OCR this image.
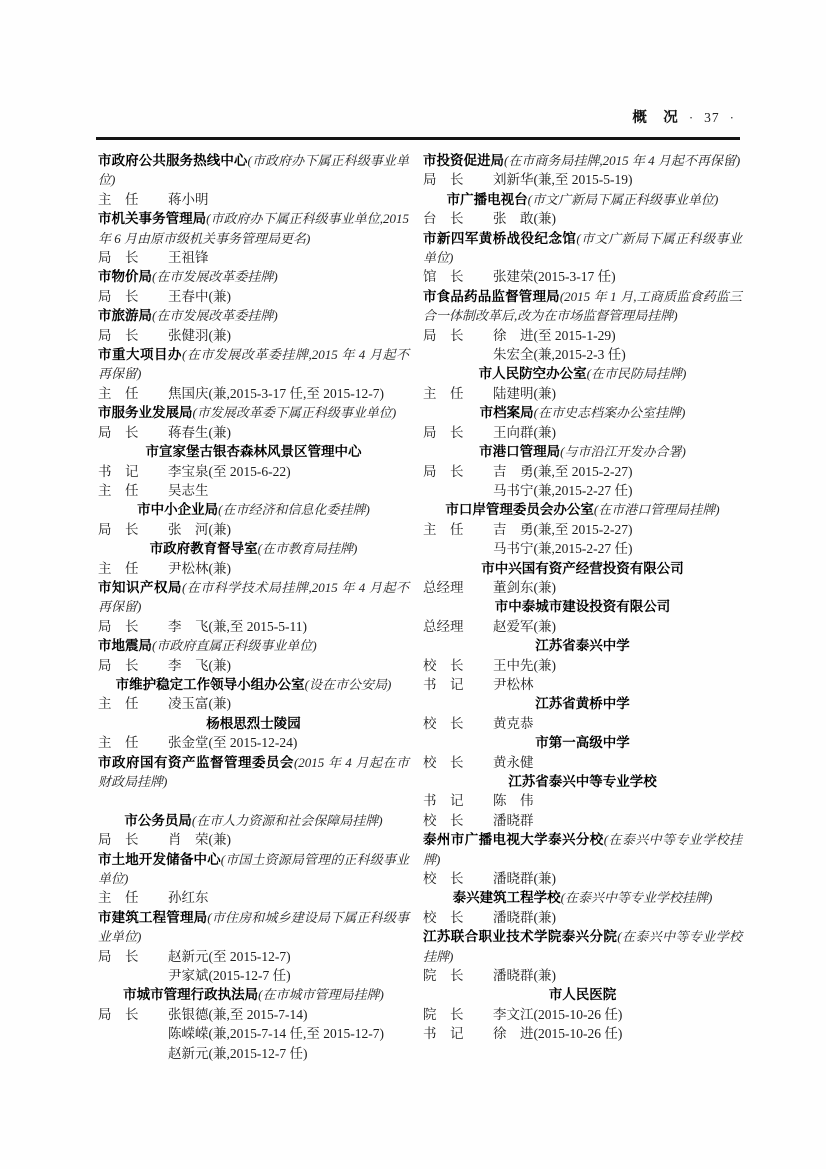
概　况 · 37 ·
市政府公共服务热线中心(市政府办下属正科级事业单位)
主　任	蒋小明
市机关事务管理局(市政府办下属正科级事业单位,2015 年 6 月由原市级机关事务管理局更名)
局　长	王祖锋
市物价局(在市发展改革委挂牌)
局　长	王春中(兼)
市旅游局(在市发展改革委挂牌)
局　长	张健羽(兼)
市重大项目办(在市发展改革委挂牌,2015 年 4 月起不再保留)
主　任	焦国庆(兼,2015-3-17 任,至 2015-12-7)
市服务业发展局(市发展改革委下属正科级事业单位)
局　长	蒋春生(兼)
市宣家堡古银杏森林风景区管理中心
书　记	李宝泉(至 2015-6-22)
主　任	吴志生
市中小企业局(在市经济和信息化委挂牌)
局　长	张　河(兼)
市政府教育督导室(在市教育局挂牌)
主　任	尹松林(兼)
市知识产权局(在市科学技术局挂牌,2015 年 4 月起不再保留)
局　长	李　飞(兼,至 2015-5-11)
市地震局(市政府直属正科级事业单位)
局　长	李　飞(兼)
市维护稳定工作领导小组办公室(设在市公安局)
主　任	凌玉富(兼)
杨根思烈士陵园
主　任	张金堂(至 2015-12-24)
市政府国有资产监督管理委员会(2015 年 4 月起在市财政局挂牌)
市公务员局(在市人力资源和社会保障局挂牌)
局　长	肖　荣(兼)
市土地开发储备中心(市国土资源局管理的正科级事业单位)
主　任	孙红东
市建筑工程管理局(市住房和城乡建设局下属正科级事业单位)
局　长	赵新元(至 2015-12-7)
尹家斌(2015-12-7 任)
市城市管理行政执法局(在市城市管理局挂牌)
局　长	张银德(兼,至 2015-7-14)
陈嵘嵘(兼,2015-7-14 任,至 2015-12-7)
赵新元(兼,2015-12-7 任)
市投资促进局(在市商务局挂牌,2015 年 4 月起不再保留)
局　长	刘新华(兼,至 2015-5-19)
市广播电视台(市文广新局下属正科级事业单位)
台　长	张　敢(兼)
市新四军黄桥战役纪念馆(市文广新局下属正科级事业单位)
馆　长	张建荣(2015-3-17 任)
市食品药品监督管理局(2015 年 1 月,工商质监食药监三合一体制改革后,改为在市场监督管理局挂牌)
局　长	徐　进(至 2015-1-29)
朱宏全(兼,2015-2-3 任)
市人民防空办公室(在市民防局挂牌)
主　任	陆建明(兼)
市档案局(在市史志档案办公室挂牌)
局　长	王向群(兼)
市港口管理局(与市沿江开发办合署)
局　长	吉　勇(兼,至 2015-2-27)
马书宁(兼,2015-2-27 任)
市口岸管理委员会办公室(在市港口管理局挂牌)
主　任	吉　勇(兼,至 2015-2-27)
马书宁(兼,2015-2-27 任)
市中兴国有资产经营投资有限公司
总经理	董剑东(兼)
市中泰城市建设投资有限公司
总经理	赵爱军(兼)
江苏省泰兴中学
校　长	王中先(兼)
书　记	尹松林
江苏省黄桥中学
校　长	黄克恭
市第一高级中学
校　长	黄永健
江苏省泰兴中等专业学校
书　记	陈　伟
校　长	潘晓群
泰州市广播电视大学泰兴分校(在泰兴中等专业学校挂牌)
校　长	潘晓群(兼)
泰兴建筑工程学校(在泰兴中等专业学校挂牌)
校　长	潘晓群(兼)
江苏联合职业技术学院泰兴分院(在泰兴中等专业学校挂牌)
院　长	潘晓群(兼)
市人民医院
院　长	李文江(2015-10-26 任)
书　记	徐　进(2015-10-26 任)
